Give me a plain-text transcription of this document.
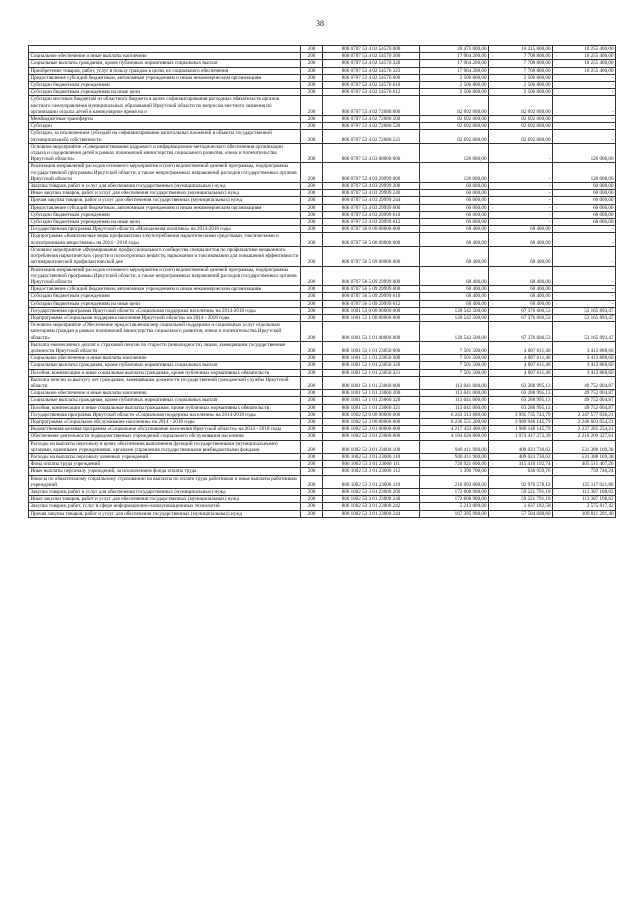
38
	200	806 0707 53 4 02 54570 000	20 471 000,00	10 215 600,00	10 255 400,00
Социальное обеспечение и иные выплаты населению	200	806 0707 53 4 02 54570 300	17 964 200,00	7 708 800,00	10 255 400,00
Социальные выплаты гражданам, кроме публичных нормативных социальных выплат	200	806 0707 53 4 02 54570 320	17 964 200,00	7 708 800,00	10 255 400,00
Приобретение товаров, работ, услуг в пользу граждан в целях их социального обеспечения	200	806 0707 53 4 02 54570 323	17 964 200,00	7 708 800,00	10 255 400,00
Предоставление субсидий бюджетным, автономным учреждениям и иным некоммерческим организациям	200	806 0707 53 4 02 54570 600	2 506 800,00	2 506 800,00	-
Субсидии бюджетным учреждениям	200	806 0707 53 4 02 54570 610	2 506 800,00	2 506 800,00	-
Субсидии бюджетным учреждениям на иные цели	200	806 0707 53 4 02 54570 612	2 506 800,00	2 506 800,00	-
Субсидии местным бюджетам из областного бюджета в целях софинансирования расходных обязательств органов местного самоуправления муниципальных образований Иркутской области по вопросам местного значения по организации отдыха детей в каникулярное время на о	200	806 0707 53 4 02 72080 000	82 692 000,00	82 692 000,00	-
Межбюджетные трансферты	200	806 0707 53 4 02 72080 500	82 692 000,00	82 692 000,00	-
Субсидии	200	806 0707 53 4 02 72080 520	82 692 000,00	82 692 000,00	-
Субсидии, за исключением субсидий на софинансирование капитальных вложений в объекты государственной (муниципальной) собственности	200	806 0707 53 4 02 72080 521	82 692 000,00	82 692 000,00	-
Основное мероприятие «Совершенствование кадрового и информационно-методического обеспечения организации отдыха и оздоровления детей в рамках полномочий министерства социального развития, опеки и попечительства Иркутской области»	200	806 0707 53 4 03 00000 000	126 000,00	-	126 000,00
Реализация направлений расходов основного мероприятия и (или) ведомственной целевой программы, подпрограммы государственной программы Иркутской области, а также непрограммных направлений расходов государственных органов Иркутской области	200	806 0707 53 4 03 29999 000	126 000,00	-	126 000,00
Закупка товаров, работ и услуг для обеспечения государственных (муниципальных) нужд	200	806 0707 53 4 03 29999 200	60 000,00	-	60 000,00
Иные закупки товаров, работ и услуг для обеспечения государственных (муниципальных) нужд	200	806 0707 53 4 03 29999 240	60 000,00	-	60 000,00
Прочая закупка товаров, работ и услуг для обеспечения государственных (муниципальных) нужд	200	806 0707 53 4 03 29999 244	60 000,00	-	60 000,00
Предоставление субсидий бюджетным, автономным учреждениям и иным некоммерческим организациям	200	806 0707 53 4 03 29999 600	66 000,00	-	66 000,00
Субсидии бюджетным учреждениям	200	806 0707 53 4 03 29999 610	66 000,00	-	66 000,00
Субсидии бюджетным учреждениям на иные цели	200	806 0707 53 4 03 29999 612	66 000,00	-	66 000,00
Государственная программа Иркутской области «Молодежная политика» на 2014-2018 годы	200	806 0707 56 0 00 00000 000	68 400,00	68 400,00	-
Подпрограмма «Комплексные меры профилактики злоупотребления наркотическими средствами, токсическими и психотропными веществами» на 2014 - 2018 годы	200	806 0707 56 5 00 00000 000	68 400,00	68 400,00	-
Основное мероприятие «Формирование профессионального сообщества специалистов по профилактике незаконного потребления наркотических средств и психотропных веществ, наркомании и токсикомании для повышения эффективности антинаркотической профилактической дея	200	806 0707 56 5 09 00000 000	68 400,00	68 400,00	-
Реализация направлений расходов основного мероприятия и (или) ведомственной целевой программы, подпрограммы государственной программы Иркутской области, а также непрограммных направлений расходов государственных органов Иркутской области	200	806 0707 56 5 09 29999 000	68 400,00	68 400,00	-
Предоставление субсидий бюджетным, автономным учреждениям и иным некоммерческим организациям	200	806 0707 56 5 09 29999 600	68 400,00	68 400,00	-
Субсидии бюджетным учреждениям	200	806 0707 56 5 09 29999 610	68 400,00	68 400,00	-
Субсидии бюджетным учреждениям на иные цели	200	806 0707 56 5 09 29999 612	68 400,00	68 400,00	-
Государственная программа Иркутской области «Социальная поддержка населения» на 2014-2018 годы	200	806 1001 53 0 00 00000 000	120 542 500,00	67 376 606,53	53 165 893,47
Подпрограмма «Социальная поддержка населения Иркутской области» на 2014 - 2018 годы	200	806 1001 53 1 00 00000 000	120 542 500,00	67 376 606,53	53 165 893,47
Основное мероприятие «Обеспечение предоставления мер социальной поддержки и социальных услуг отдельным категориям граждан в рамках полномочий министерства социального развития, опеки и попечительства Иркутской области»	200	806 1001 53 1 01 00000 000	120 542 500,00	67 376 606,53	53 165 893,47
Выплата ежемесячных доплат к страховой пенсии по старости (инвалидности) лицам, замещавшим государственные должности Иркутской области	200	806 1001 53 1 01 23050 000	7 501 500,00	4 087 611,40	3 413 888,60
Социальное обеспечение и иные выплаты населению	200	806 1001 53 1 01 23050 300	7 501 500,00	4 087 611,40	3 413 888,60
Социальные выплаты гражданам, кроме публичных нормативных социальных выплат	200	806 1001 53 1 01 23050 320	7 501 500,00	4 087 611,40	3 413 888,60
Пособия, компенсации и иные социальные выплаты гражданам, кроме публичных нормативных обязательств	200	806 1001 53 1 01 23050 321	7 501 500,00	4 087 611,40	3 413 888,60
Выплата пенсии за выслугу лет гражданам, замещавшим должности государственной гражданской службы Иркутской области	200	806 1001 53 1 01 23060 000	113 041 000,00	63 288 995,13	49 752 004,87
Социальное обеспечение и иные выплаты населению	200	806 1001 53 1 01 23060 300	113 041 000,00	63 288 995,13	49 752 004,87
Социальные выплаты гражданам, кроме публичных нормативных социальных выплат	200	806 1001 53 1 01 23060 320	113 041 000,00	63 288 995,13	49 752 004,87
Пособия, компенсации и иные социальные выплаты гражданам, кроме публичных нормативных обязательств	200	806 1001 53 1 01 23060 321	113 041 000,00	63 288 995,13	49 752 004,87
Государственная программа Иркутской области «Социальная поддержка населения» на 2014-2018 годы	200	806 1002 53 0 00 00000 000	6 243 313 680,00	3 995 735 743,79	2 247 577 936,21
Подпрограмма «Социальное обслуживание населения» на 2014 - 2018 годы	200	806 1002 53 3 00 00000 000	6 236 551 200,00	3 989 948 145,79	2 246 603 054,21
Ведомственная целевая программа «Социальное обслуживание населения Иркутской области» на 2014 - 2018 годы	200	806 1002 53 3 01 00000 000	4 217 433 400,00	1 980 148 145,79	2 237 285 254,21
Обеспечение деятельности подведомственных учреждений социального обслуживания населения	200	806 1002 53 3 01 23000 000	4 184 626 800,00	1 974 417 272,39	2 210 209 327,61
Расходы на выплаты персоналу в целях обеспечения выполнения функций государственными (муниципальными) органами, казенными учреждениями, органами управления государственными внебюджетными фондами	200	806 1002 53 3 01 23000 100	940 411 900,00	409 023 730,62	531 388 169,38
Расходы на выплаты персоналу казенных учреждений	200	806 1002 53 3 01 23000 110	940 411 900,00	409 023 730,62	531 388 169,38
Фонд оплаты труда учреждений	200	806 1002 53 3 01 23000 111	720 921 600,00	315 410 192,74	405 511 407,26
Иные выплаты персоналу учреждений, за исключением фонда оплаты труда	200	806 1002 53 3 01 23000 112	1 396 700,00	636 959,76	759 740,24
Взносы по обязательному социальному страхованию на выплаты по оплате труда работников и иные выплаты работникам учреждений	200	806 1002 53 3 01 23000 119	218 093 600,00	92 976 578,12	125 117 021,88
Закупка товаров, работ и услуг для обеспечения государственных (муниципальных) нужд	200	806 1002 53 3 01 23000 200	172 608 900,00	59 221 791,18	113 387 108,82
Иные закупки товаров, работ и услуг для обеспечения государственных (муниципальных) нужд	200	806 1002 53 3 01 23000 240	172 608 900,00	59 221 791,18	113 387 108,82
Закупка товаров, работ, услуг в сфере информационно-коммуникационных технологий	200	806 1002 53 3 01 23000 242	5 213 000,00	1 637 182,58	3 575 817,42
Прочая закупка товаров, работ и услуг для обеспечения государственных (муниципальных) нужд	200	806 1002 53 3 01 23000 244	167 395 900,00	57 584 608,60	109 811 291,40
